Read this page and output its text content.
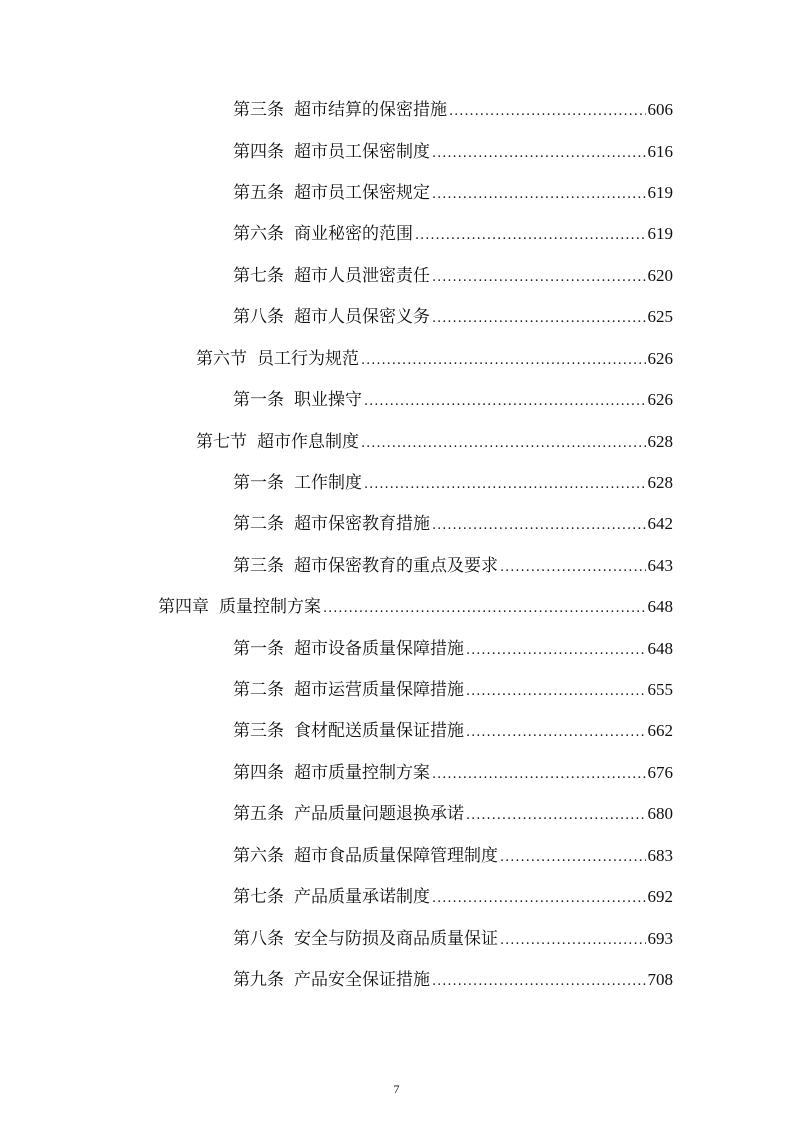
第三条 超市结算的保密措施 .....	606
第四条 超市员工保密制度 .....	616
第五条 超市员工保密规定 .....	619
第六条 商业秘密的范围 .....	619
第七条 超市人员泄密责任 .....	620
第八条 超市人员保密义务 .....	625
第六节 员工行为规范 .....	626
第一条 职业操守 .....	626
第七节 超市作息制度 .....	628
第一条 工作制度 .....	628
第二条 超市保密教育措施 .....	642
第三条 超市保密教育的重点及要求 .....	643
第四章 质量控制方案 .....	648
第一条 超市设备质量保障措施 .....	648
第二条 超市运营质量保障措施 .....	655
第三条 食材配送质量保证措施 .....	662
第四条 超市质量控制方案 .....	676
第五条 产品质量问题退换承诺 .....	680
第六条 超市食品质量保障管理制度 .....	683
第七条 产品质量承诺制度 .....	692
第八条 安全与防损及商品质量保证 .....	693
第九条 产品安全保证措施 .....	708
7
